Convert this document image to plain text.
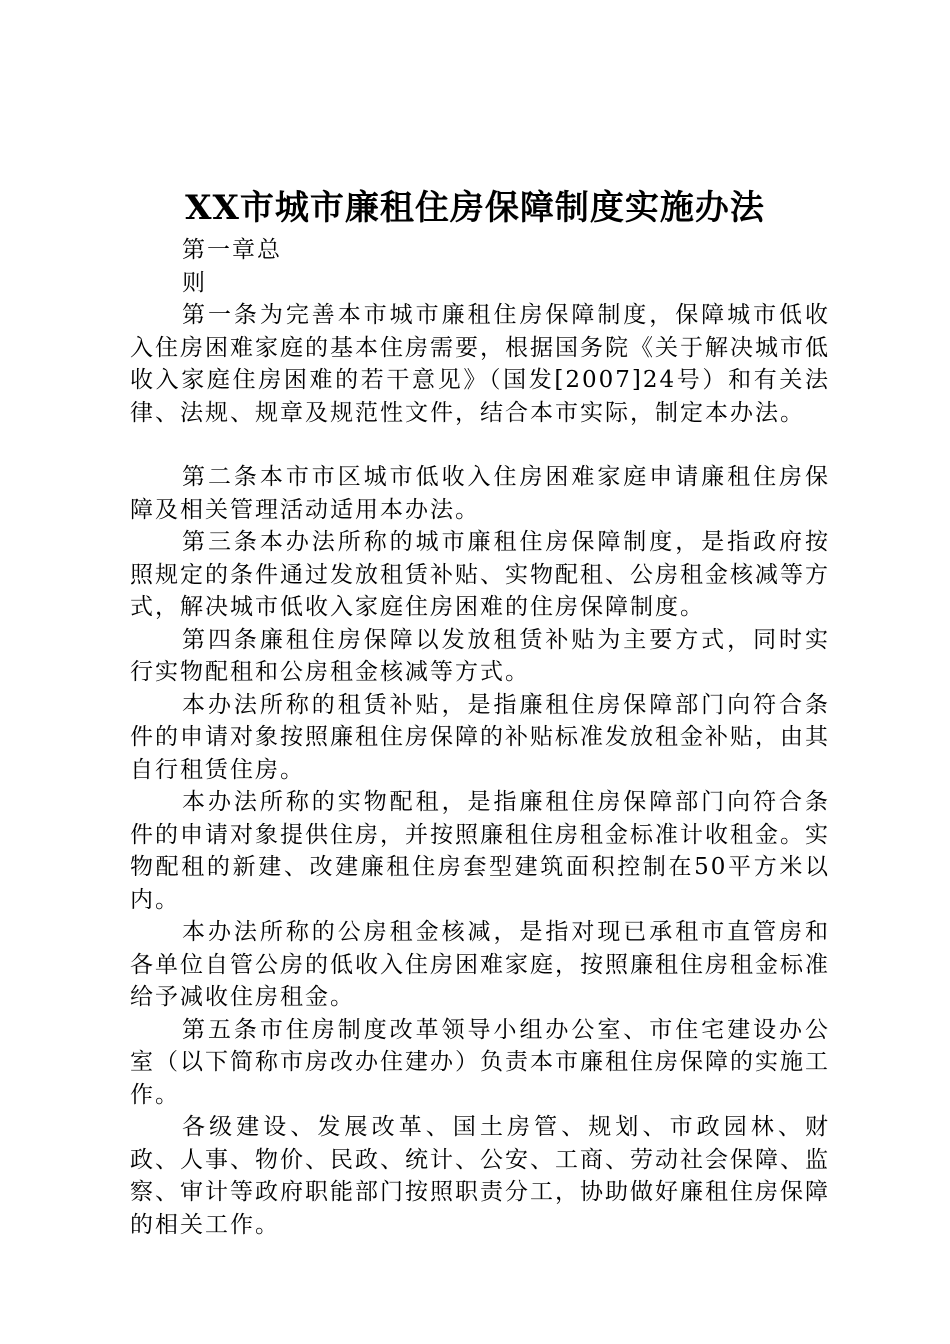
XX市城市廉租住房保障制度实施办法
第一章总则

第一条为完善本市城市廉租住房保障制度，保障城市低收入住房困难家庭的基本住房需要，根据国务院《关于解决城市低收入家庭住房困难的若干意见》（国发[2007]24号）和有关法律、法规、规章及规范性文件，结合本市实际，制定本办法。

第二条本市市区城市低收入住房困难家庭申请廉租住房保障及相关管理活动适用本办法。

第三条本办法所称的城市廉租住房保障制度，是指政府按照规定的条件通过发放租赁补贴、实物配租、公房租金核减等方式，解决城市低收入家庭住房困难的住房保障制度。

第四条廉租住房保障以发放租赁补贴为主要方式，同时实行实物配租和公房租金核减等方式。

本办法所称的租赁补贴，是指廉租住房保障部门向符合条件的申请对象按照廉租住房保障的补贴标准发放租金补贴，由其自行租赁住房。

本办法所称的实物配租，是指廉租住房保障部门向符合条件的申请对象提供住房，并按照廉租住房租金标准计收租金。实物配租的新建、改建廉租住房套型建筑面积控制在50平方米以内。

本办法所称的公房租金核减，是指对现已承租市直管房和各单位自管公房的低收入住房困难家庭，按照廉租住房租金标准给予减收住房租金。

第五条市住房制度改革领导小组办公室、市住宅建设办公室（以下简称市房改办住建办）负责本市廉租住房保障的实施工作。

各级建设、发展改革、国土房管、规划、市政园林、财政、人事、物价、民政、统计、公安、工商、劳动社会保障、监察、审计等政府职能部门按照职责分工，协助做好廉租住房保障的相关工作。
